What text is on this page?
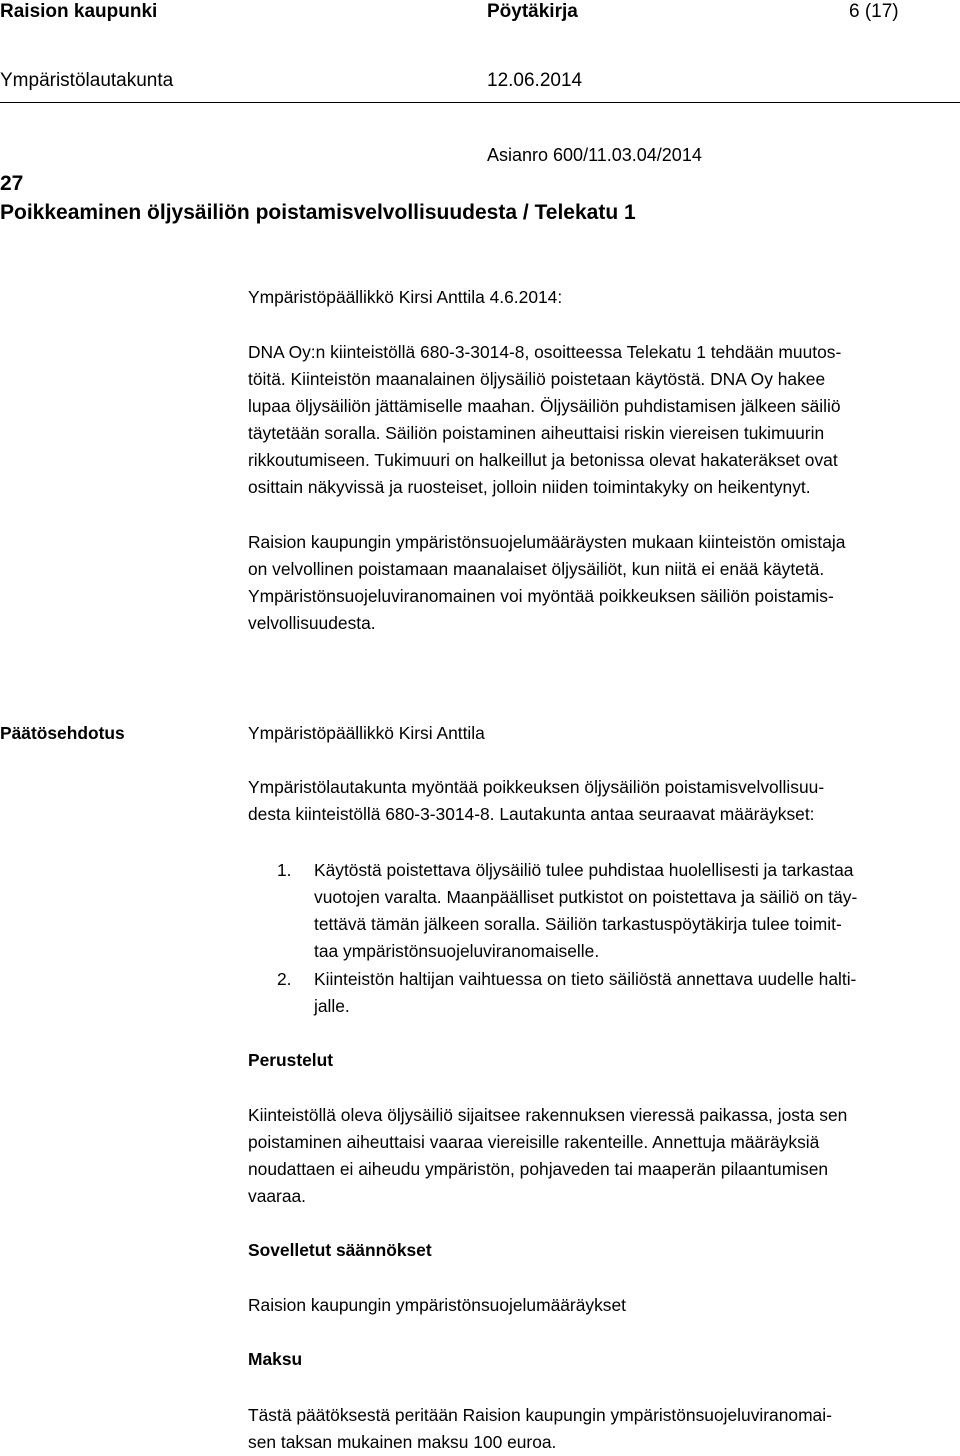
Raision kaupunki	Pöytäkirja	6 (17)
Ympäristölautakunta	12.06.2014
Asianro 600/11.03.04/2014
27
Poikkeaminen öljysäiliön poistamisvelvollisuudesta / Telekatu 1
Ympäristöpäällikkö Kirsi Anttila 4.6.2014:
DNA Oy:n kiinteistöllä 680-3-3014-8, osoitteessa Telekatu 1 tehdään muutos-
töitä. Kiinteistön maanalainen öljysäiliö poistetaan käytöstä. DNA Oy hakee
lupaa öljysäiliön jättämiselle maahan. Öljysäiliön puhdistamisen jälkeen säiliö
täytetään soralla. Säiliön poistaminen aiheuttaisi riskin viereisen tukimuurin
rikkoutumiseen. Tukimuuri on halkeillut ja betonissa olevat hakateräkset ovat
osittain näkyvissä ja ruosteiset, jolloin niiden toimintakyky on heikentynyt.
Raision kaupungin ympäristönsuojelumääräysten mukaan kiinteistön omistaja
on velvollinen poistamaan maanalaiset öljysäiliöt, kun niitä ei enää käytetä.
Ympäristönsuojeluviranomainen voi myöntää poikkeuksen säiliön poistamis-
velvollisuudesta.
Päätösehdotus	Ympäristöpäällikkö Kirsi Anttila
Ympäristölautakunta myöntää poikkeuksen öljysäiliön poistamisvelvollisuu-
desta kiinteistöllä 680-3-3014-8. Lautakunta antaa seuraavat määräykset:
1. Käytöstä poistettava öljysäiliö tulee puhdistaa huolellisesti ja tarkastaa
vuotojen varalta. Maanpäälliset putkistot on poistettava ja säiliö on täy-
tettävä tämän jälkeen soralla. Säiliön tarkastuspöytäkirja tulee toimit-
taa ympäristönsuojeluviranomaiselle.
2. Kiinteistön haltijan vaihtuessa on tieto säiliöstä annettava uudelle halti-
jalle.
Perustelut
Kiinteistöllä oleva öljysäiliö sijaitsee rakennuksen vieressä paikassa, josta sen
poistaminen aiheuttaisi vaaraa viereisille rakenteille. Annettuja määräyksiä
noudattaen ei aiheudu ympäristön, pohjaveden tai maaperän pilaantumisen
vaaraa.
Sovelletut säännökset
Raision kaupungin ympäristönsuojelumääräykset
Maksu
Tästä päätöksestä peritään Raision kaupungin ympäristönsuojeluviranomai-
sen taksan mukainen maksu 100 euroa.
